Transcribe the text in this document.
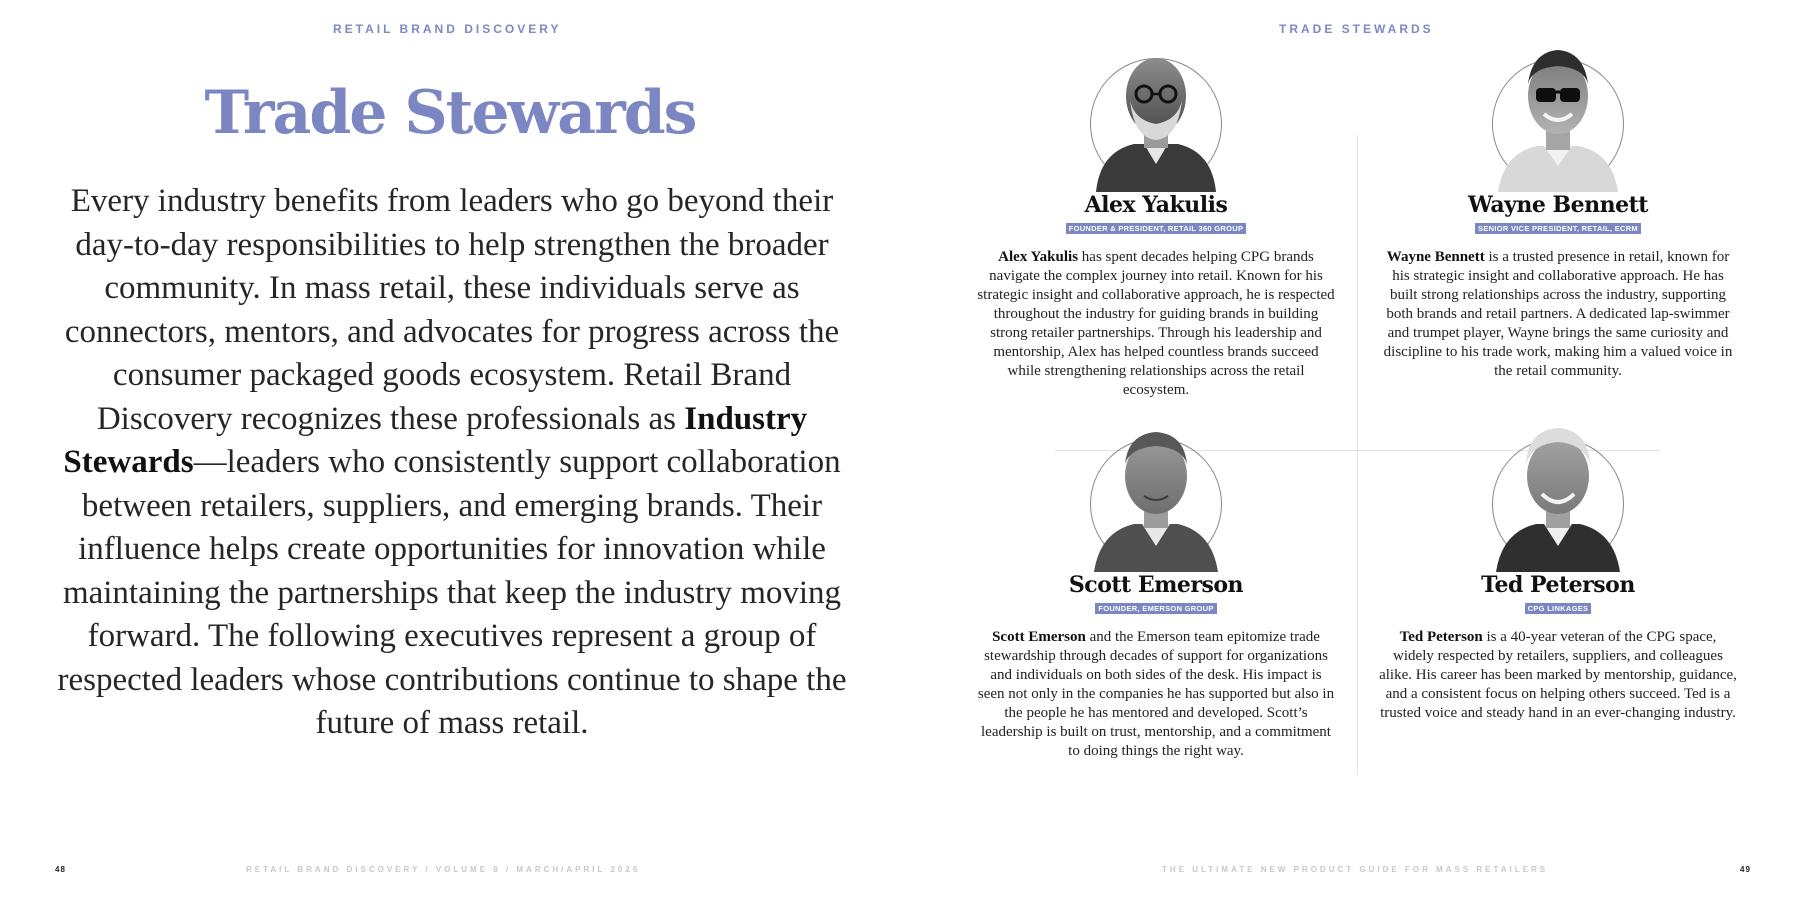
RETAIL BRAND DISCOVERY
Trade Stewards

Every industry benefits from leaders who go beyond their day-to-day responsibilities to help strengthen the broader community. In mass retail, these individuals serve as connectors, mentors, and advocates for progress across the consumer packaged goods ecosystem. Retail Brand Discovery recognizes these professionals as Industry Stewards—leaders who consistently support collaboration between retailers, suppliers, and emerging brands. Their influence helps create opportunities for innovation while maintaining the partnerships that keep the industry moving forward. The following executives represent a group of respected leaders whose contributions continue to shape the future of mass retail.

48	RETAIL BRAND DISCOVERY / VOLUME 8 / MARCH/APRIL 2026
TRADE STEWARDS
Alex Yakulis
FOUNDER & PRESIDENT, RETAIL 360 GROUP

Alex Yakulis has spent decades helping CPG brands navigate the complex journey into retail. Known for his strategic insight and collaborative approach, he is respected throughout the industry for guiding brands in building strong retailer partnerships. Through his leadership and mentorship, Alex has helped countless brands succeed while strengthening relationships across the retail ecosystem.

Wayne Bennett
SENIOR VICE PRESIDENT, RETAIL, ECRM

Wayne Bennett is a trusted presence in retail, known for his strategic insight and collaborative approach. He has built strong relationships across the industry, supporting both brands and retail partners. A dedicated lap-swimmer and trumpet player, Wayne brings the same curiosity and discipline to his trade work, making him a valued voice in the retail community.

Scott Emerson
FOUNDER, EMERSON GROUP

Scott Emerson and the Emerson team epitomize trade stewardship through decades of support for organizations and individuals on both sides of the desk. His impact is seen not only in the companies he has supported but also in the people he has mentored and developed. Scott’s leadership is built on trust, mentorship, and a commitment to doing things the right way.

Ted Peterson
CPG LINKAGES

Ted Peterson is a 40-year veteran of the CPG space, widely respected by retailers, suppliers, and colleagues alike. His career has been marked by mentorship, guidance, and a consistent focus on helping others succeed. Ted is a trusted voice and steady hand in an ever-changing industry.

49
THE ULTIMATE NEW PRODUCT GUIDE FOR MASS RETAILERS
